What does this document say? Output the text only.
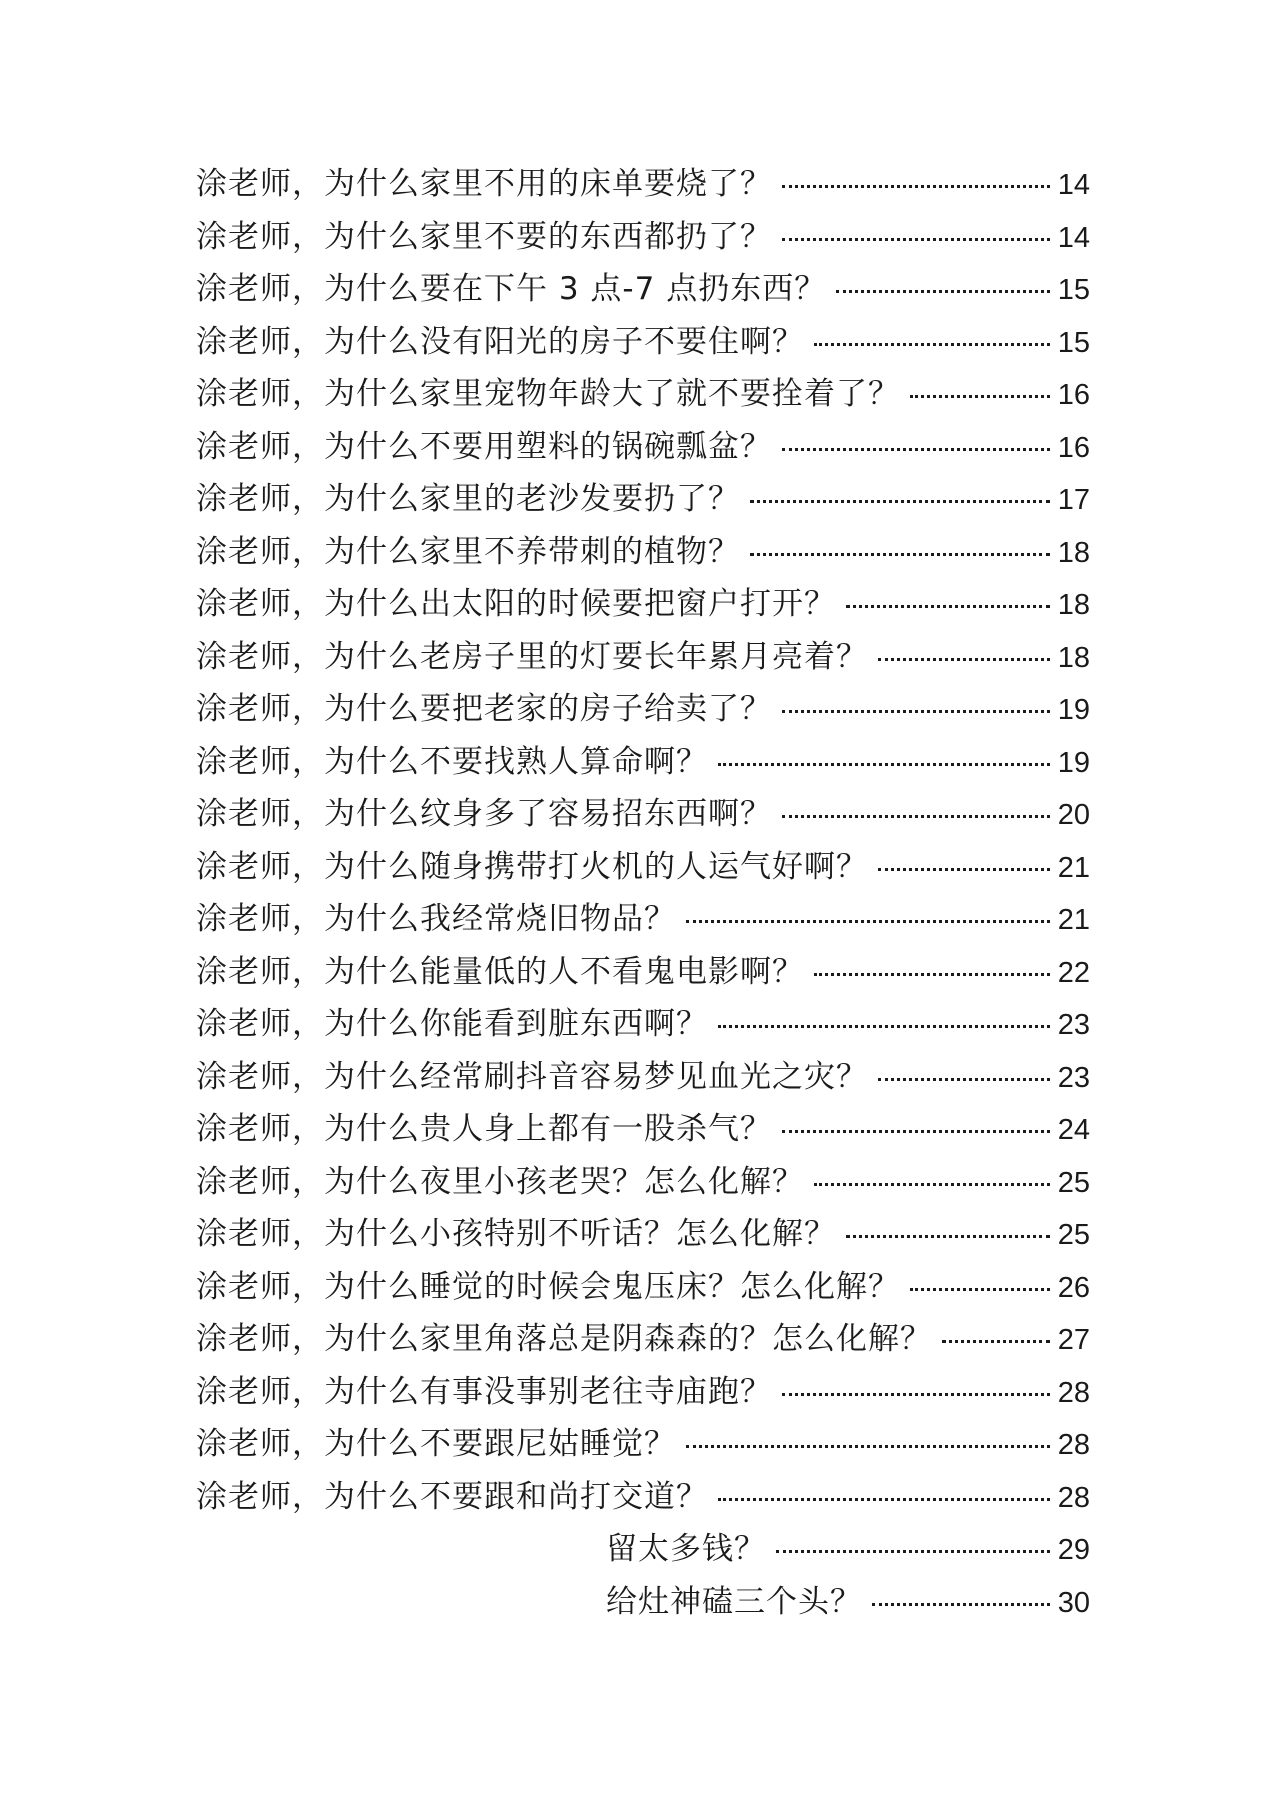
涂老师，为什么家里不用的床单要烧了？	14
涂老师，为什么家里不要的东西都扔了？	14
涂老师，为什么要在下午 3 点-7 点扔东西？	15
涂老师，为什么没有阳光的房子不要住啊？	15
涂老师，为什么家里宠物年龄大了就不要拴着了？	16
涂老师，为什么不要用塑料的锅碗瓢盆？	16
涂老师，为什么家里的老沙发要扔了？	17
涂老师，为什么家里不养带刺的植物？	18
涂老师，为什么出太阳的时候要把窗户打开？	18
涂老师，为什么老房子里的灯要长年累月亮着？	18
涂老师，为什么要把老家的房子给卖了？	19
涂老师，为什么不要找熟人算命啊？	19
涂老师，为什么纹身多了容易招东西啊？	20
涂老师，为什么随身携带打火机的人运气好啊？	21
涂老师，为什么我经常烧旧物品？	21
涂老师，为什么能量低的人不看鬼电影啊？	22
涂老师，为什么你能看到脏东西啊？	23
涂老师，为什么经常刷抖音容易梦见血光之灾？	23
涂老师，为什么贵人身上都有一股杀气？	24
涂老师，为什么夜里小孩老哭？怎么化解？	25
涂老师，为什么小孩特别不听话？怎么化解？	25
涂老师，为什么睡觉的时候会鬼压床？怎么化解？	26
涂老师，为什么家里角落总是阴森森的？怎么化解？	27
涂老师，为什么有事没事别老往寺庙跑？	28
涂老师，为什么不要跟尼姑睡觉？	28
涂老师，为什么不要跟和尚打交道？	28
留太多钱？	29
给灶神磕三个头？	30
